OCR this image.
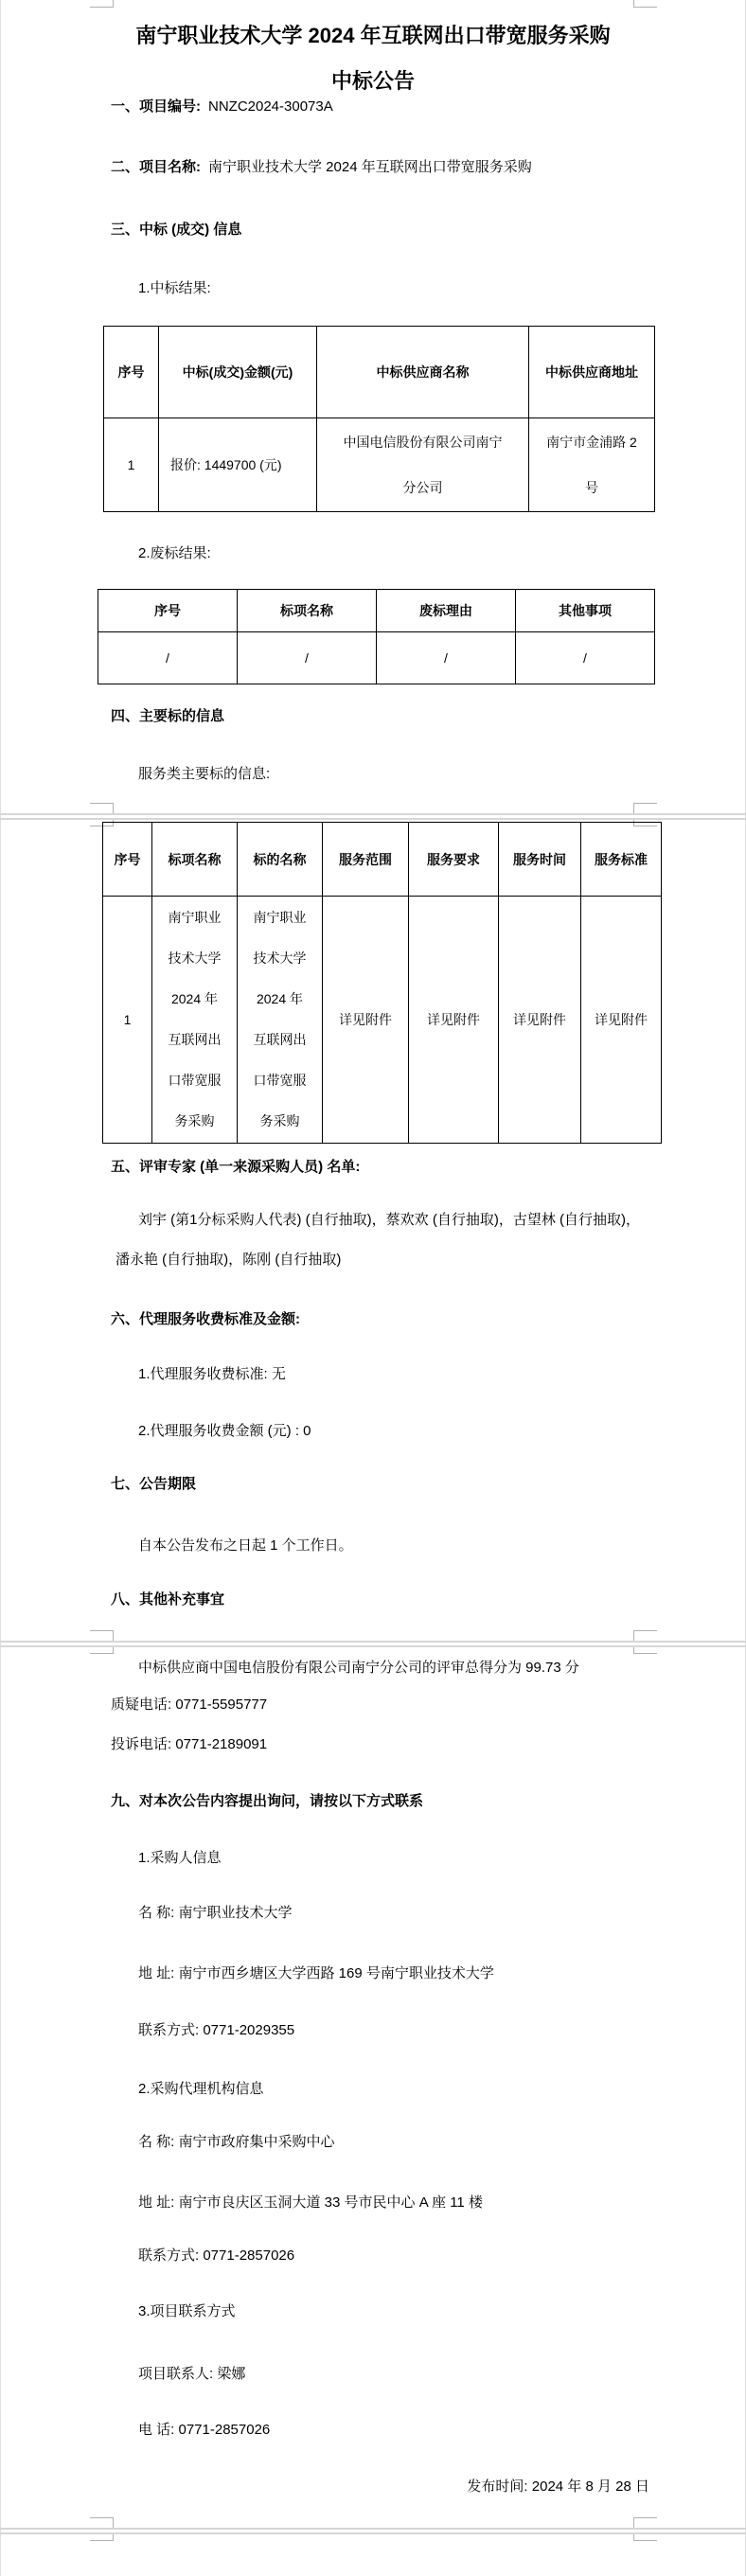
南宁职业技术大学 2024 年互联网出口带宽服务采购
中标公告
一、项目编号: NNZC2024-30073A
二、项目名称: 南宁职业技术大学 2024 年互联网出口带宽服务采购
三、中标 (成交) 信息
1.中标结果:
序号	中标(成交)金额(元)	中标供应商名称	中标供应商地址
1	报价: 1449700 (元)	中国电信股份有限公司南宁分公司	南宁市金浦路 2 号
2.废标结果:
序号	标项名称	废标理由	其他事项
/	/	/	/
四、主要标的信息
服务类主要标的信息:
序号	标项名称	标的名称	服务范围	服务要求	服务时间	服务标准
1	南宁职业技术大学 2024 年互联网出口带宽服务采购	南宁职业技术大学 2024 年互联网出口带宽服务采购	详见附件	详见附件	详见附件	详见附件
五、评审专家 (单一来源采购人员) 名单:
刘宇 (第1分标采购人代表) (自行抽取)，蔡欢欢 (自行抽取)，古望林 (自行抽取)，潘永艳 (自行抽取)，陈刚 (自行抽取)
六、代理服务收费标准及金额:
1.代理服务收费标准: 无
2.代理服务收费金额 (元) : 0
七、公告期限
自本公告发布之日起 1 个工作日。
八、其他补充事宜
中标供应商中国电信股份有限公司南宁分公司的评审总得分为 99.73 分
质疑电话: 0771-5595777
投诉电话: 0771-2189091
九、对本次公告内容提出询问，请按以下方式联系
1.采购人信息
名 称: 南宁职业技术大学
地 址: 南宁市西乡塘区大学西路 169 号南宁职业技术大学
联系方式: 0771-2029355
2.采购代理机构信息
名 称: 南宁市政府集中采购中心
地 址: 南宁市良庆区玉洞大道 33 号市民中心 A 座 11 楼
联系方式: 0771-2857026
3.项目联系方式
项目联系人: 梁娜
电 话: 0771-2857026
发布时间: 2024 年 8 月 28 日
